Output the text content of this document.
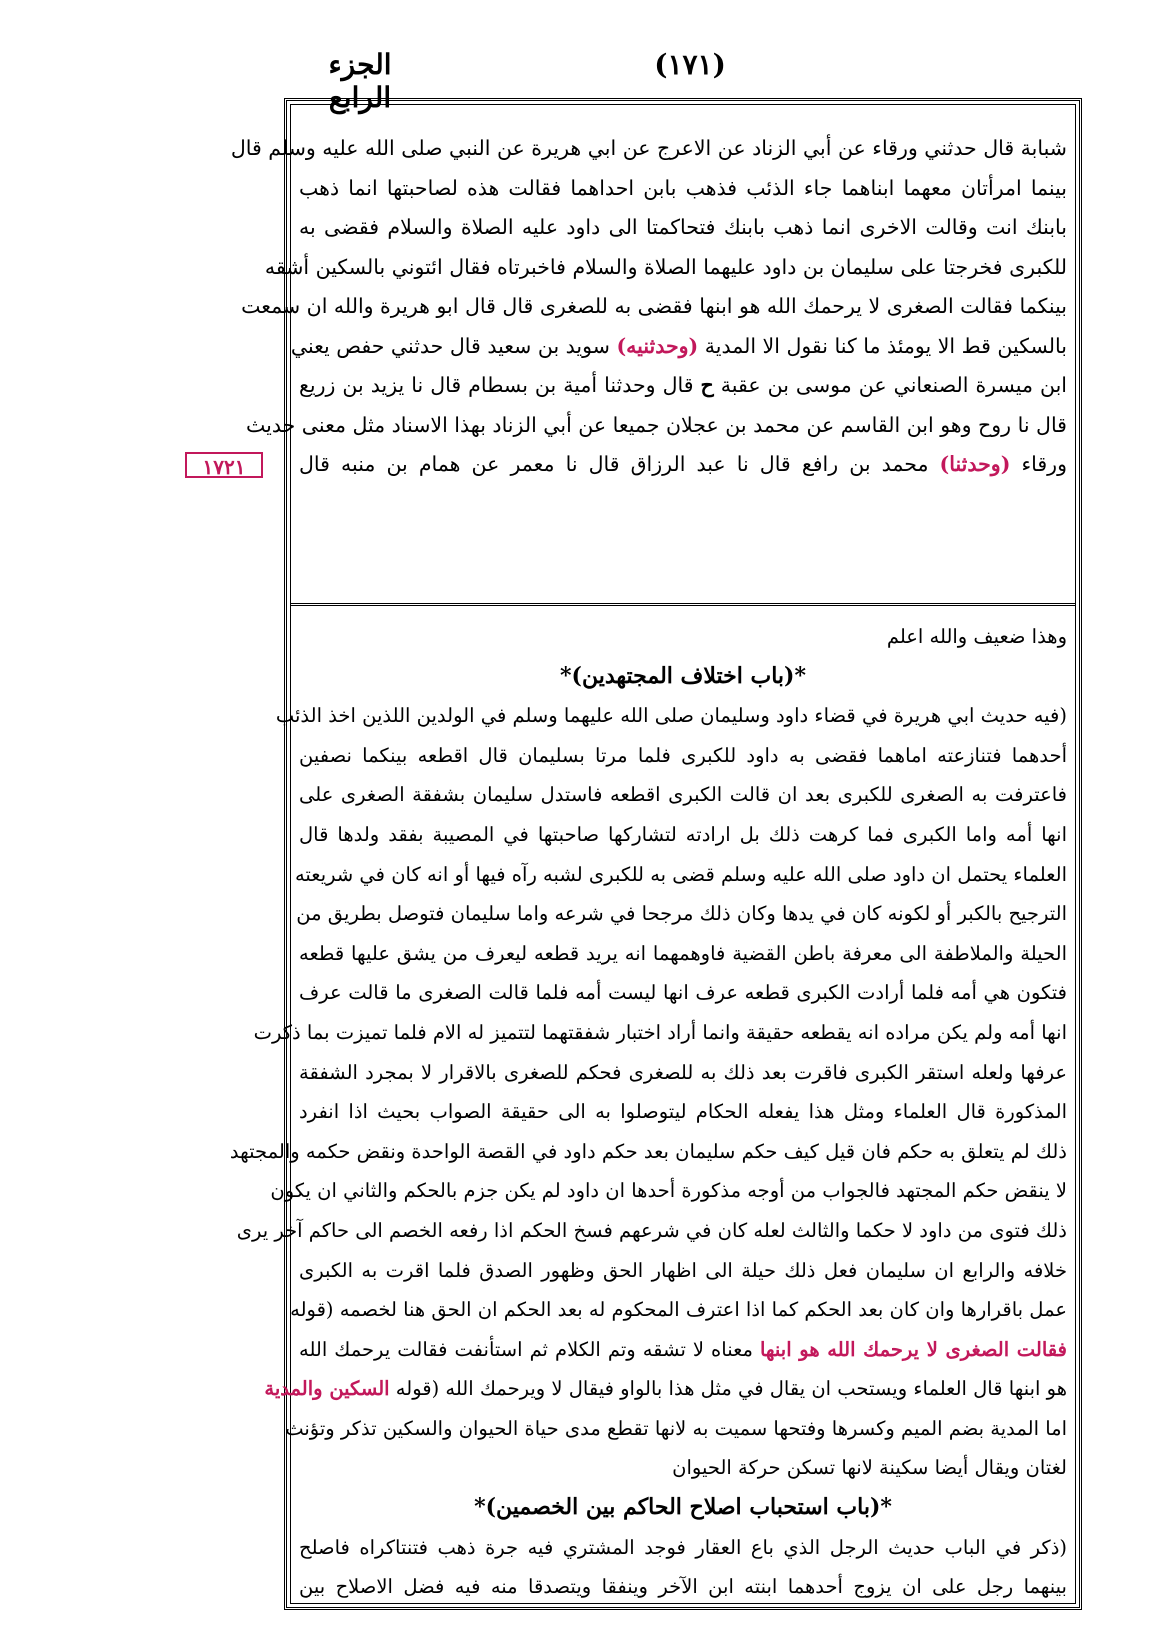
الجزء الرابع
(١٧١)
١٧٢١

شبابة قال حدثني ورقاء عن أبي الزناد عن الاعرج عن ابي هريرة عن النبي صلى الله عليه وسلم قال

بينما امرأتان معهما ابناهما جاء الذئب فذهب بابن احداهما فقالت هذه لصاحبتها انما ذهب

بابنك انت وقالت الاخرى انما ذهب بابنك فتحاكمتا الى داود عليه الصلاة والسلام فقضى به

للكبرى فخرجتا على سليمان بن داود عليهما الصلاة والسلام فاخبرتاه فقال ائتوني بالسكين أشقه

بينكما فقالت الصغرى لا يرحمك الله هو ابنها فقضى به للصغرى قال قال ابو هريرة والله ان سمعت

بالسكين قط الا يومئذ ما كنا نقول الا المدية (وحدثنيه) سويد بن سعيد قال حدثني حفص يعني

ابن ميسرة الصنعاني عن موسى بن عقبة ح قال وحدثنا أمية بن بسطام قال نا يزيد بن زريع

قال نا روح وهو ابن القاسم عن محمد بن عجلان جميعا عن أبي الزناد بهذا الاسناد مثل معنى حديث

ورقاء (وحدثنا) محمد بن رافع قال نا عبد الرزاق قال نا معمر عن همام بن منبه قال

وهذا ضعيف والله اعلم

*(باب اختلاف المجتهدين)*

(فيه حديث ابي هريرة في قضاء داود وسليمان صلى الله عليهما وسلم في الولدين اللذين اخذ الذئب

أحدهما فتنازعته اماهما فقضى به داود للكبرى فلما مرتا بسليمان قال اقطعه بينكما نصفين

فاعترفت به الصغرى للكبرى بعد ان قالت الكبرى اقطعه فاستدل سليمان بشفقة الصغرى على

انها أمه واما الكبرى فما كرهت ذلك بل ارادته لتشاركها صاحبتها في المصيبة بفقد ولدها قال

العلماء يحتمل ان داود صلى الله عليه وسلم قضى به للكبرى لشبه رآه فيها أو انه كان في شريعته

الترجيح بالكبر أو لكونه كان في يدها وكان ذلك مرجحا في شرعه واما سليمان فتوصل بطريق من

الحيلة والملاطفة الى معرفة باطن القضية فاوهمهما انه يريد قطعه ليعرف من يشق عليها قطعه

فتكون هي أمه فلما أرادت الكبرى قطعه عرف انها ليست أمه فلما قالت الصغرى ما قالت عرف

انها أمه ولم يكن مراده انه يقطعه حقيقة وانما أراد اختبار شفقتهما لتتميز له الام فلما تميزت بما ذكرت

عرفها ولعله استقر الكبرى فاقرت بعد ذلك به للصغرى فحكم للصغرى بالاقرار لا بمجرد الشفقة

المذكورة قال العلماء ومثل هذا يفعله الحكام ليتوصلوا به الى حقيقة الصواب بحيث اذا انفرد

ذلك لم يتعلق به حكم فان قيل كيف حكم سليمان بعد حكم داود في القصة الواحدة ونقض حكمه والمجتهد

لا ينقض حكم المجتهد فالجواب من أوجه مذكورة أحدها ان داود لم يكن جزم بالحكم والثاني ان يكون

ذلك فتوى من داود لا حكما والثالث لعله كان في شرعهم فسخ الحكم اذا رفعه الخصم الى حاكم آخر يرى

خلافه والرابع ان سليمان فعل ذلك حيلة الى اظهار الحق وظهور الصدق فلما اقرت به الكبرى

عمل باقرارها وان كان بعد الحكم كما اذا اعترف المحكوم له بعد الحكم ان الحق هنا لخصمه (قوله

فقالت الصغرى لا يرحمك الله هو ابنها معناه لا تشقه وتم الكلام ثم استأنفت فقالت يرحمك الله

هو ابنها قال العلماء ويستحب ان يقال في مثل هذا بالواو فيقال لا ويرحمك الله (قوله السكين والمدية

اما المدية بضم الميم وكسرها وفتحها سميت به لانها تقطع مدى حياة الحيوان والسكين تذكر وتؤنث

لغتان ويقال أيضا سكينة لانها تسكن حركة الحيوان

*(باب استحباب اصلاح الحاكم بين الخصمين)*

(ذكر في الباب حديث الرجل الذي باع العقار فوجد المشتري فيه جرة ذهب فتنتاكراه فاصلح

بينهما رجل على ان يزوج أحدهما ابنته ابن الآخر وينفقا ويتصدقا منه فيه فضل الاصلاح بين
